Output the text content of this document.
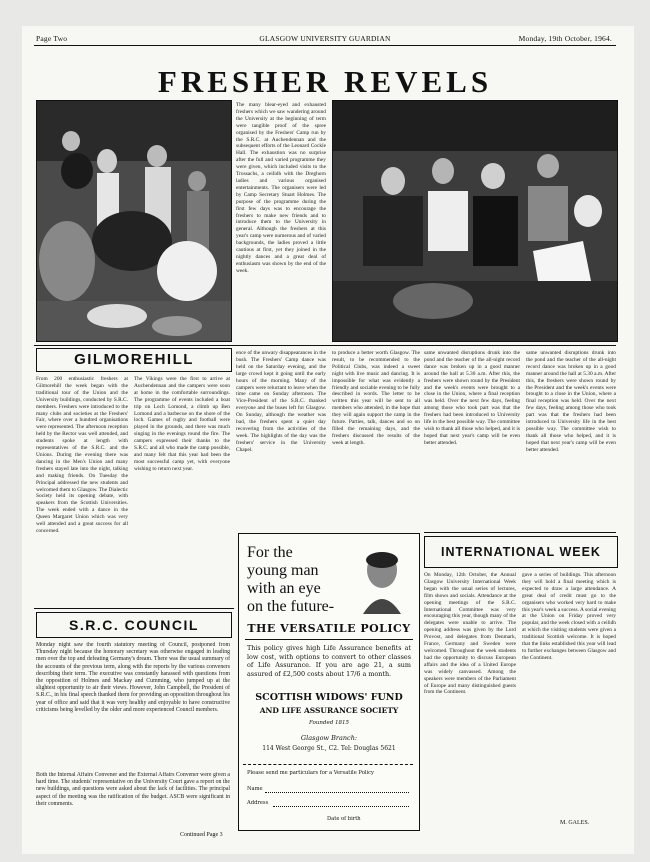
Page Two	GLASGOW UNIVERSITY GUARDIAN	Monday, 19th October, 1964.
FRESHER REVELS
The many blear-eyed and exhausted freshers which we saw wandering around the University at the beginning of term were tangible proof of the spree organised by the Freshers' Camp run by the S.R.C. at Auchendennan and the subsequent efforts of the Leonard Cockle Hall. The exhaustion was no surprise after the full and varied programme they were given, which included visits to the Trossachs, a ceilidh with the Dreghorn ladies and various organised entertainments. The organisers were led by Camp Secretary Stuart Holmes. The purpose of the programme during the first few days was to encourage the freshers to make new friends and to introduce them to the University in general. Although the freshers at this year's camp were numerous and of varied backgrounds, the ladies proved a little cautious at first, yet they joined in the nightly dances and a great deal of enthusiasm was shown by the end of the week.
GILMOREHILL
From 200 enthusiastic freshers at Gilmorehill the week began with the traditional tour of the Union and the University buildings, conducted by S.R.C. members. Freshers were introduced to the many clubs and societies at the Freshers' Fair, where over a hundred organisations were represented. The afternoon reception held by the Rector was well attended, and students spoke at length with representatives of the S.R.C. and the Unions. During the evening there was dancing in the Men's Union and many freshers stayed late into the night, talking and making friends. On Tuesday the Principal addressed the new students and welcomed them to Glasgow. The Dialectic Society held its opening debate, with speakers from the Scottish Universities. The week ended with a dance in the Queen Margaret Union which was very well attended and a great success for all concerned.
The Vikings were the first to arrive at Auchendennan and the campers were soon at home in the comfortable surroundings. The programme of events included a boat trip on Loch Lomond, a climb up Ben Lomond and a barbecue on the shore of the loch. Games of rugby and football were played in the grounds, and there was much singing in the evenings round the fire. The campers expressed their thanks to the S.R.C. and all who made the camp possible, and many felt that this year had been the most successful camp yet, with everyone wishing to return next year.
ence of the unwary disappearances in the bush. The Freshers' Camp dance was held on the Saturday evening, and the large crowd kept it going until the early hours of the morning. Many of the campers were reluctant to leave when the time came on Sunday afternoon. The Vice-President of the S.R.C. thanked everyone and the buses left for Glasgow. On Sunday, although the weather was bad, the freshers spent a quiet day recovering from the activities of the week. The highlights of the day was the freshers' service in the University Chapel.
to produce a better worth Glasgow. The result, to be recommended to the Political Clubs, was indeed a sweet night with live music and dancing. It is impossible for what was evidently a friendly and sociable evening to be fully described in words. The letter to be written this year will be sent to all members who attended, in the hope that they will again support the camp in the future. Parties, talk, dances and so on filled the remaining days, and the freshers discussed the results of the week at length.
same unwanted disruptions drunk into the pond and the teacher of the all-night record dance was broken up in a good manner around the hall at 5.30 a.m. After this, the freshers were shown round by the President and the week's events were brought to a close in the Union, where a final reception was held. Over the next few days, feeling among those who took part was that the freshers had been introduced to University life in the best possible way. The committee wish to thank all those who helped, and it is hoped that next year's camp will be even better attended.
same unwanted disruptions drunk into the pond and the teacher of the all-night record dance was broken up in a good manner around the hall at 5.30 a.m. After this, the freshers were shown round by the President and the week's events were brought to a close in the Union, where a final reception was held. Over the next few days, feeling among those who took part was that the freshers had been introduced to University life in the best possible way. The committee wish to thank all those who helped, and it is hoped that next year's camp will be even better attended.
S.R.C. COUNCIL
Monday night saw the fourth statutory meeting of Council, postponed from Thursday night because the honorary secretary was otherwise engaged in leading men over the top and defeating Germany's dream. There was the usual summary of the accounts of the previous term, along with the reports by the various conveners describing their term. The executive was constantly harassed with questions from the opposition of Holmes and Mackay and Cumming, who jumped up at the slightest opportunity to air their views. However, John Campbell, the President of S.R.C., in his final speech thanked them for providing an opposition throughout his year of office and said that it was very healthy and enjoyable to have constructive criticisms being levelled by the older and more experienced Council members.
Both the Internal Affairs Convener and the External Affairs Convener were given a hard time. The students' representative on the University Court gave a report on the new buildings, and questions were asked about the lack of facilities. The principal aspect of the meeting was the ratification of the budget. ASCB were significant in their comments.
Continued Page 3
For the
young man
with an eye
on the future-
THE VERSATILE POLICY
This policy gives high Life Assurance benefits at low cost, with options to convert to other classes of Life Assurance. If you are age 21, a sum assured of £2,500 costs about 17/6 a month.
SCOTTISH WIDOWS' FUND
AND LIFE ASSURANCE SOCIETY
Founded 1815
Glasgow Branch:
114 West George St., C2. Tel: Douglas 5621
Please send me particulars for a Versatile Policy
Name
Address
Date of birth
INTERNATIONAL WEEK
On Monday, 12th October, the Annual Glasgow University International Week began with the usual series of lectures, film shows and socials. Attendance at the opening meetings of the S.R.C. International Committee was very encouraging this year, though many of the delegates were unable to arrive. The opening address was given by the Lord Provost, and delegates from Denmark, France, Germany and Sweden were welcomed. Throughout the week students had the opportunity to discuss European affairs and the idea of a United Europe was widely canvassed. Among the speakers were members of the Parliament of Europe and many distinguished guests from the Continent.
gave a series of buildings. This afternoon they will hold a final meeting which is expected to draw a large attendance. A great deal of credit must go to the organisers who worked very hard to make this year's week a success. A social evening at the Union on Friday proved very popular, and the week closed with a ceilidh at which the visiting students were given a traditional Scottish welcome. It is hoped that the links established this year will lead to further exchanges between Glasgow and the Continent.
M. GALES.
